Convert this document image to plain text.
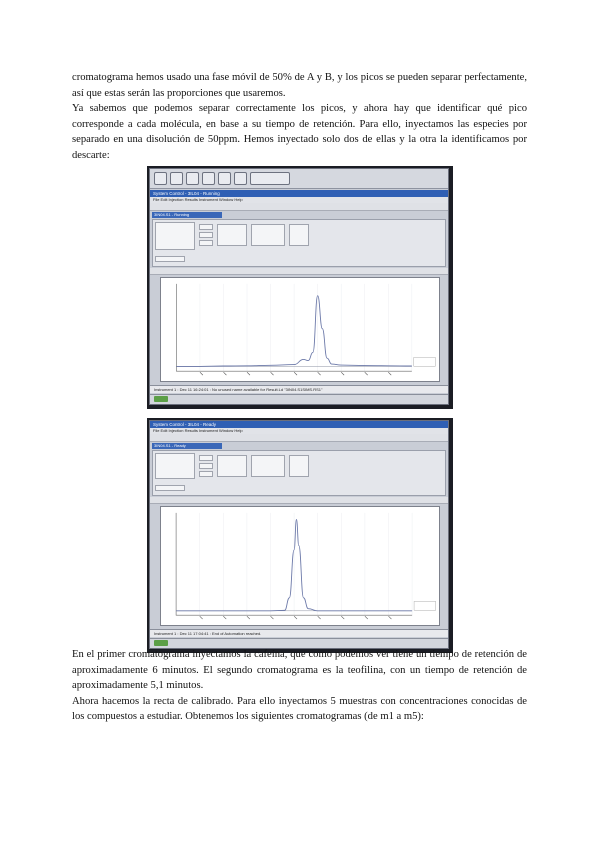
cromatograma hemos usado una fase móvil de 50% de A y B, y los picos se pueden separar perfectamente, así que estas serán las proporciones que usaremos.

Ya sabemos que podemos separar correctamente los picos, y ahora hay que identificar qué pico corresponde a cada molécula, en base a su tiempo de retención. Para ello, inyectamos las especies por separado en una disolución de 50ppm. Hemos inyectado solo dos de ellas y la otra la identificamos por descarte:

System Control - 3IL04 - Running
File Edit Injection Results Instrument Window Help
3IN04.S1 - Running
Instrument 1 : Dec 11 16:24:01 : No unused name available for Result.Ld "3IN04.S1SIMS.RS1"
System Control - 3IL04 - Ready
File Edit Injection Results Instrument Window Help
3IN04.S1 - Ready
Instrument 1 : Dec 11 17:04:41 : End of Automation reached.

En el primer cromatograma inyectamos la cafeína, que como podemos ver tiene un tiempo de retención de aproximadamente 6 minutos. El segundo cromatograma es la teofilina, con un tiempo de retención de aproximadamente 5,1 minutos.

Ahora hacemos la recta de calibrado. Para ello inyectamos 5 muestras con concentraciones conocidas de los compuestos a estudiar. Obtenemos los siguientes cromatogramas (de m1 a m5):
